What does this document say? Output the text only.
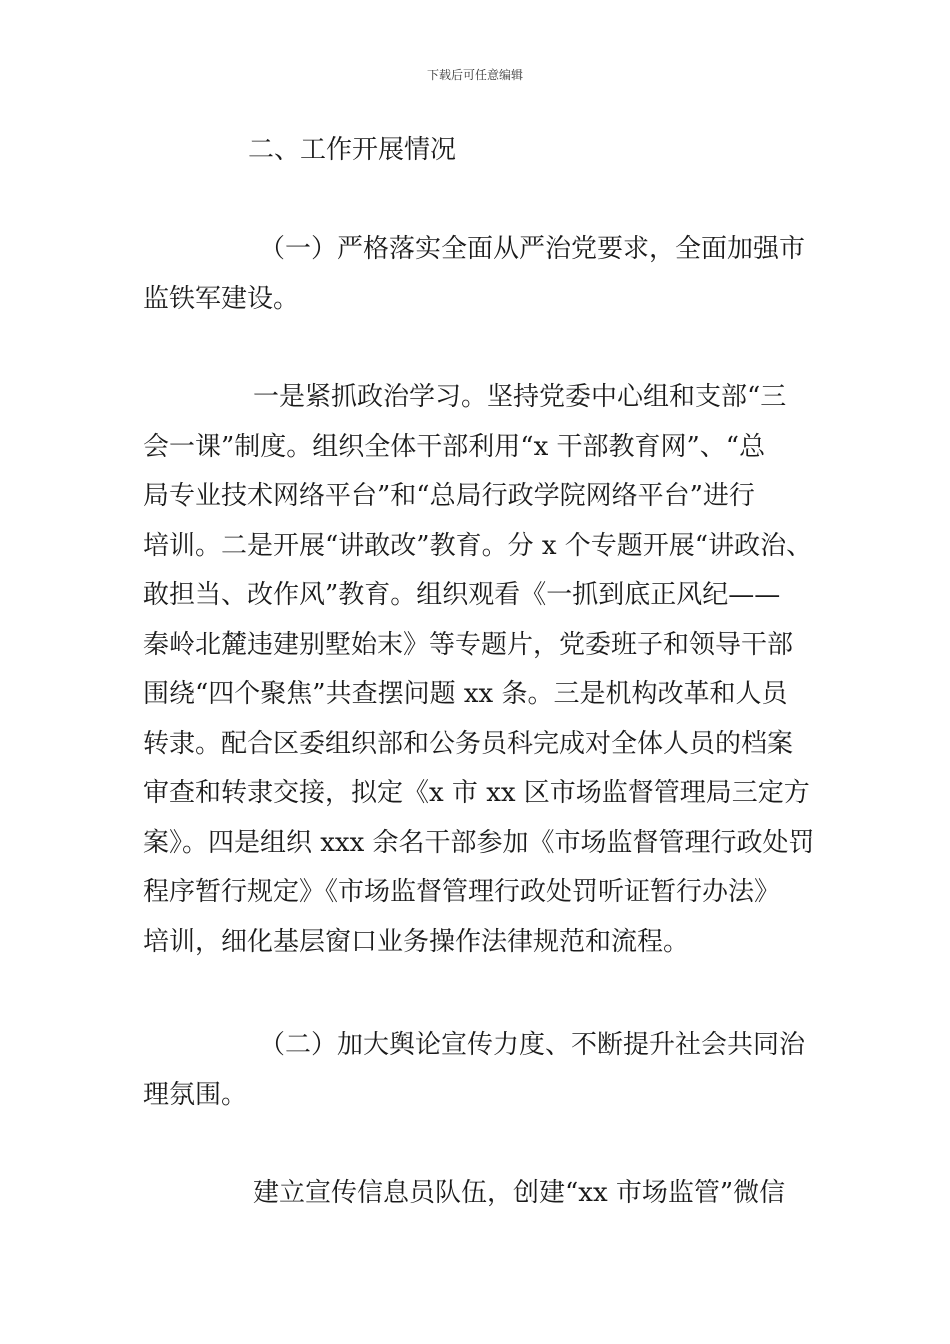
下载后可任意编辑
二、工作开展情况
（一）严格落实全面从严治党要求，全面加强市
监铁军建设。
一是紧抓政治学习。坚持党委中心组和支部“三
会一课”制度。组织全体干部利用“x 干部教育网”、“总
局专业技术网络平台”和“总局行政学院网络平台”进行
培训。二是开展“讲敢改”教育。分 x 个专题开展“讲政治、
敢担当、改作风”教育。组织观看《一抓到底正风纪——
秦岭北麓违建别墅始末》等专题片，党委班子和领导干部
围绕“四个聚焦”共查摆问题 xx 条。三是机构改革和人员
转隶。配合区委组织部和公务员科完成对全体人员的档案
审查和转隶交接，拟定《x 市 xx 区市场监督管理局三定方
案》。四是组织 xxx 余名干部参加《市场监督管理行政处罚
程序暂行规定》《市场监督管理行政处罚听证暂行办法》
培训，细化基层窗口业务操作法律规范和流程。
（二）加大舆论宣传力度、不断提升社会共同治
理氛围。
建立宣传信息员队伍，创建“xx 市场监管”微信
